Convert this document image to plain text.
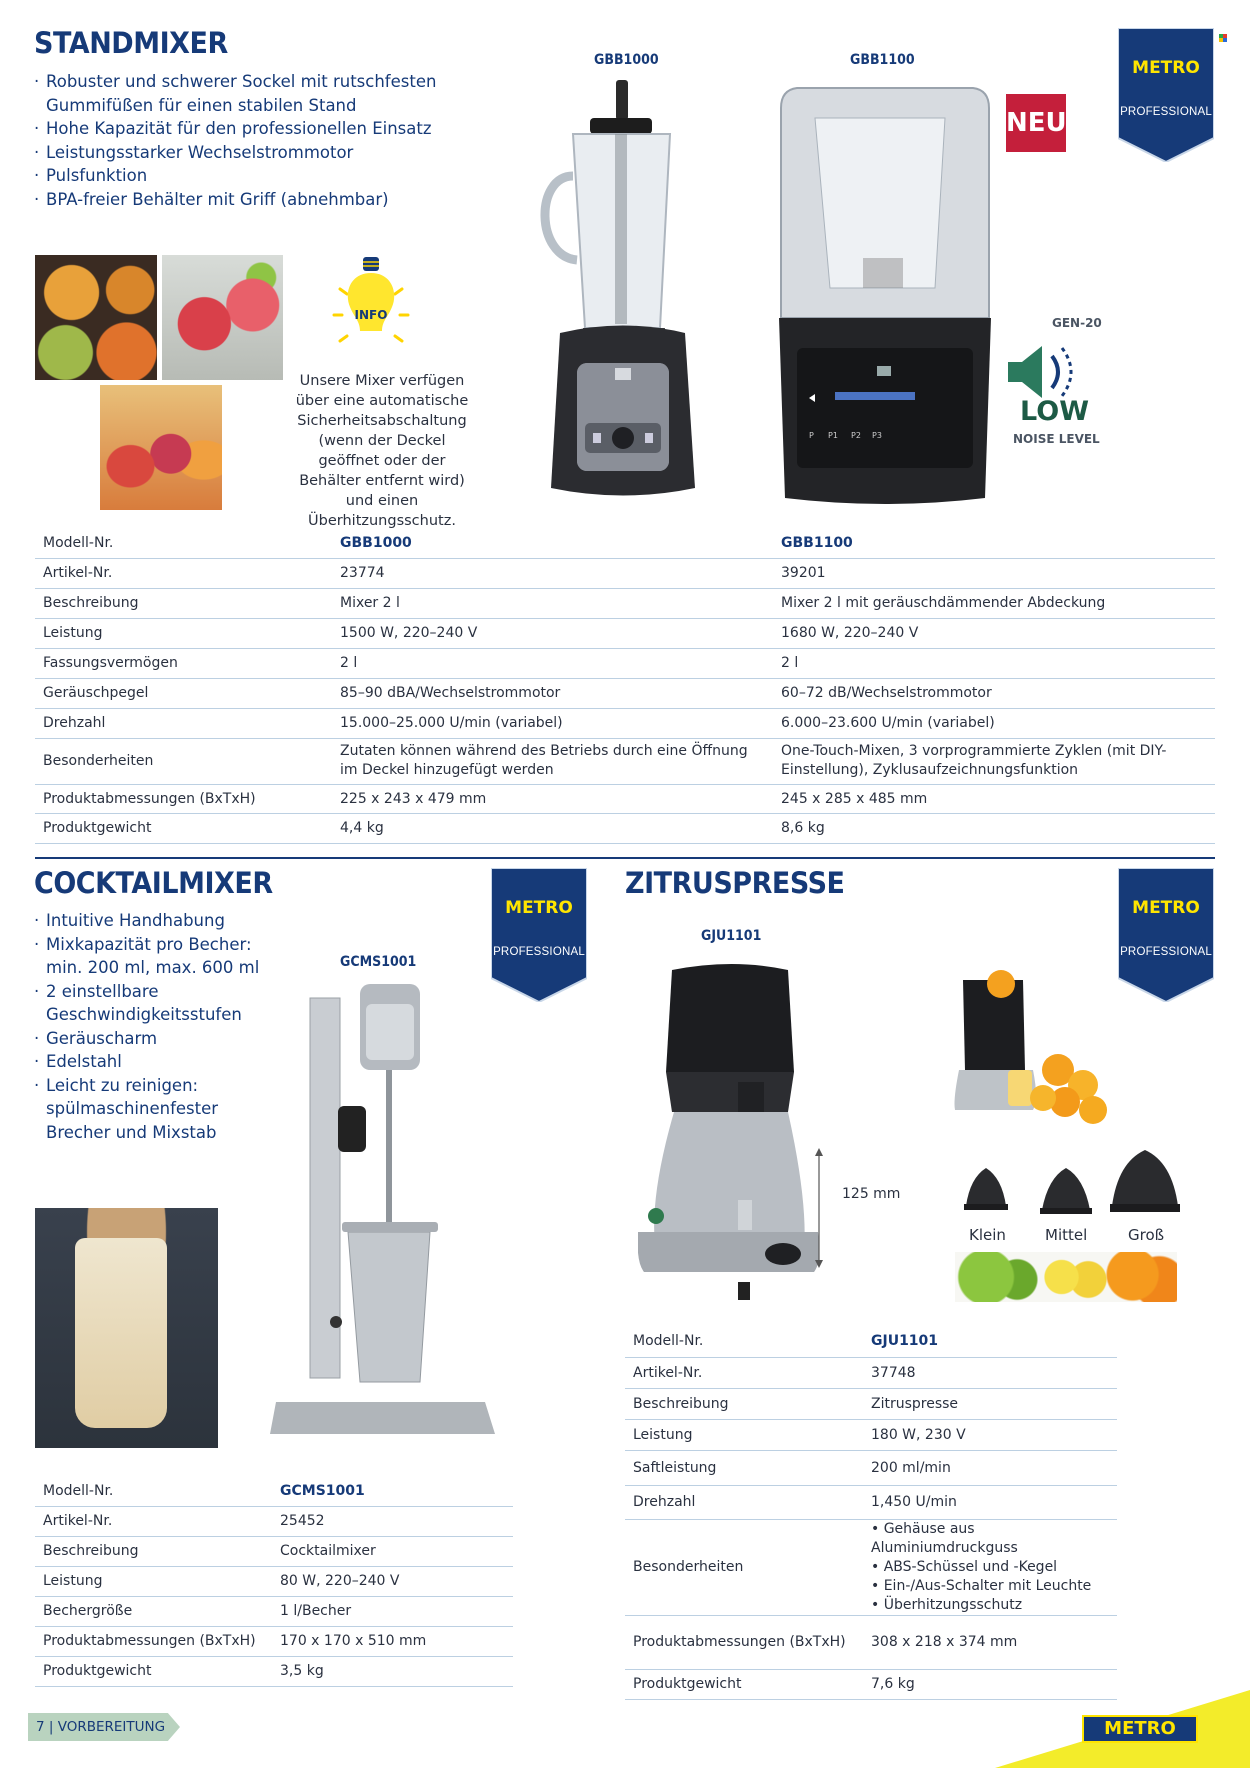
STANDMIXER
· Robuster und schwerer Sockel mit rutschfesten Gummifüßen für einen stabilen Stand
· Hohe Kapazität für den professionellen Einsatz
· Leistungsstarker Wechselstrommotor
· Pulsfunktion
· BPA-freier Behälter mit Griff (abnehmbar)
INFO
Unsere Mixer verfügen über eine automatische Sicherheitsabschaltung (wenn der Deckel geöffnet oder der Behälter entfernt wird) und einen Überhitzungsschutz.
GBB1000	GBB1100
P P1 P2 P3
NEU
METRO
PROFESSIONAL
GEN-20
LOW
NOISE LEVEL
Modell-Nr.	GBB1000	GBB1100
Artikel-Nr.	23774	39201
Beschreibung	Mixer 2 l	Mixer 2 l mit geräuschdämmender Abdeckung
Leistung	1500 W, 220–240 V	1680 W, 220–240 V
Fassungsvermögen	2 l	2 l
Geräuschpegel	85–90 dBA/Wechselstrommotor	60–72 dB/Wechselstrommotor
Drehzahl	15.000–25.000 U/min (variabel)	6.000–23.600 U/min (variabel)
Besonderheiten	Zutaten können während des Betriebs durch eine Öffnung im Deckel hinzugefügt werden	One-Touch-Mixen, 3 vorprogrammierte Zyklen (mit DIY-Einstellung), Zyklusaufzeichnungsfunktion

Produktabmessungen (BxTxH)	225 x 243 x 479 mm	245 x 285 x 485 mm
Produktgewicht	4,4 kg	8,6 kg
COCKTAILMIXER
· Intuitive Handhabung
· Mixkapazität pro Becher: min. 200 ml, max. 600 ml
· 2 einstellbare Geschwindigkeitsstufen
· Geräuscharm
· Edelstahl
· Leicht zu reinigen: spülmaschinenfester Brecher und Mixstab
METRO
PROFESSIONAL
GCMS1001
Modell-Nr.	GCMS1001
Artikel-Nr.	25452
Beschreibung	Cocktailmixer
Leistung	80 W, 220–240 V
Bechergröße	1 l/Becher
Produktabmessungen (BxTxH)	170 x 170 x 510 mm
Produktgewicht	3,5 kg
ZITRUSPRESSE
GJU1101
METRO
PROFESSIONAL
125 mm
Klein	Mittel	Groß
Modell-Nr.	GJU1101
Artikel-Nr.	37748
Beschreibung	Zitruspresse
Leistung	180 W, 230 V
Saftleistung	200 ml/min
Drehzahl	1,450 U/min
Besonderheiten	• Gehäuse aus Aluminiumdruckguss
• ABS-Schüssel und -Kegel
• Ein-/Aus-Schalter mit Leuchte
• Überhitzungsschutz

Produktabmessungen (BxTxH)	308 x 218 x 374 mm
Produktgewicht	7,6 kg
7 | VORBEREITUNG	METRO
